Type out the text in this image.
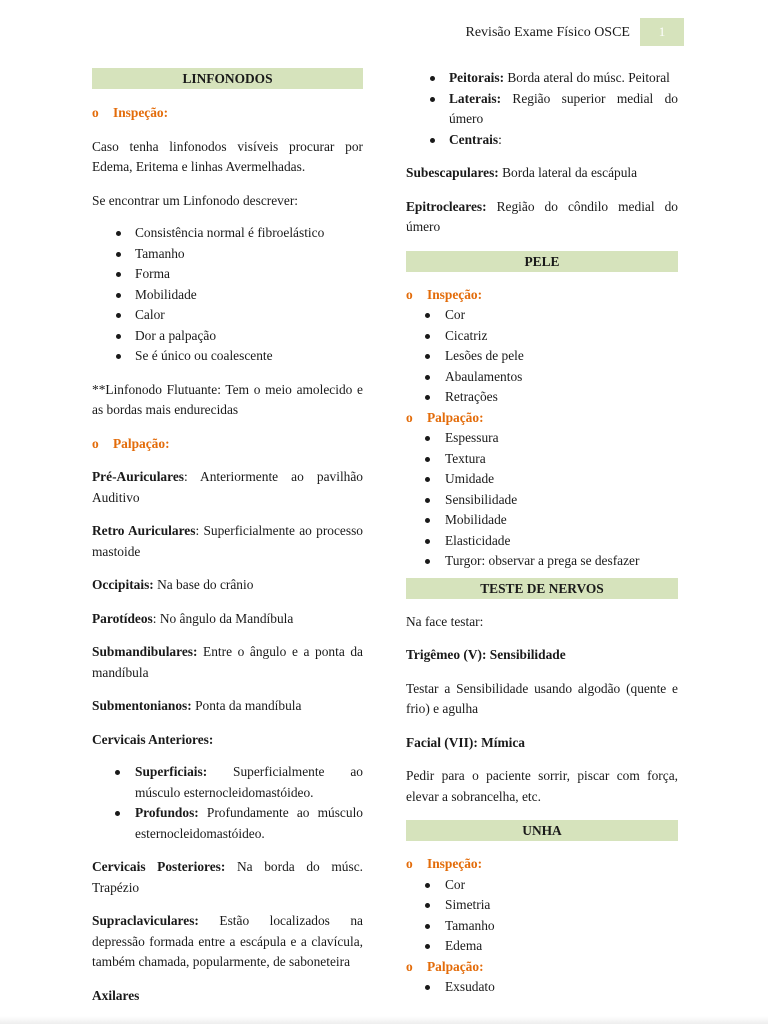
Revisão Exame Físico OSCE	1
LINFONODOS

o Inspeção:

Caso tenha linfonodos visíveis procurar por Edema, Eritema e linhas Avermelhadas.

Se encontrar um Linfonodo descrever:

Consistência normal é fibroelástico
Tamanho
Forma
Mobilidade
Calor
Dor a palpação
Se é único ou coalescente

**Linfonodo Flutuante: Tem o meio amolecido e as bordas mais endurecidas

o Palpação:

Pré-Auriculares: Anteriormente ao pavilhão Auditivo

Retro Auriculares: Superficialmente ao processo mastoide

Occipitais: Na base do crânio

Parotídeos: No ângulo da Mandíbula

Submandibulares: Entre o ângulo e a ponta da mandíbula

Submentonianos: Ponta da mandíbula

Cervicais Anteriores:

Superficiais: Superficialmente ao músculo esternocleidomastóideo.
Profundos: Profundamente ao músculo esternocleidomastóideo.

Cervicais Posteriores: Na borda do músc. Trapézio

Supraclaviculares: Estão localizados na depressão formada entre a escápula e a clavícula, também chamada, popularmente, de saboneteira

Axilares

Peitorais: Borda ateral do músc. Peitoral
Laterais: Região superior medial do úmero
Centrais:

Subescapulares: Borda lateral da escápula

Epitrocleares: Região do côndilo medial do úmero

PELE

o Inspeção:

Cor
Cicatriz
Lesões de pele
Abaulamentos
Retrações

o Palpação:

Espessura
Textura
Umidade
Sensibilidade
Mobilidade
Elasticidade
Turgor: observar a prega se desfazer
TESTE DE NERVOS

Na face testar:

Trigêmeo (V): Sensibilidade

Testar a Sensibilidade usando algodão (quente e frio) e agulha

Facial (VII): Mímica

Pedir para o paciente sorrir, piscar com força, elevar a sobrancelha, etc.

UNHA

o Inspeção:

Cor
Simetria
Tamanho
Edema

o Palpação:

Exsudato
